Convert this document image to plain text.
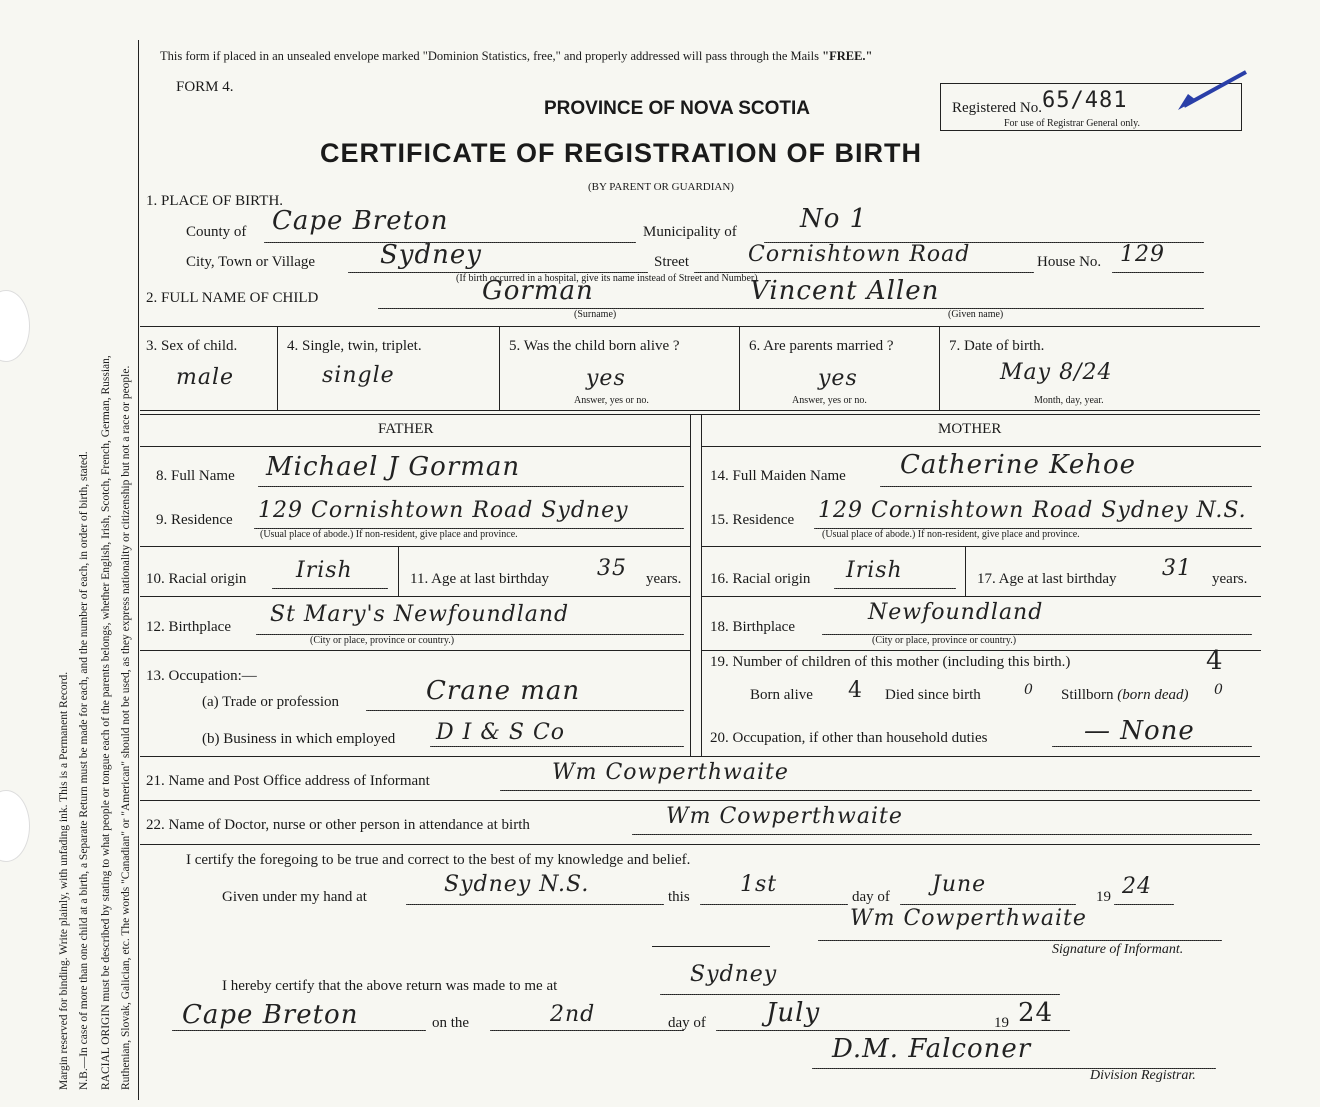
Margin reserved for binding. Write plainly, with unfading ink. This is a Permanent Record. N.B.—In case of more than one child at a birth, a Separate Return must be made for each, and the number of each, in order of birth, stated. RACIAL ORIGIN must be described by stating to what people or tongue each of the parents belongs, whether English, Irish, Scotch, French, German, Russian, Ruthenian, Slovak, Galician, etc. The words "Canadian" or "American" should not be used, as they express nationality or citizenship but not a race or people.
This form if placed in an unsealed envelope marked "Dominion Statistics, free," and properly addressed will pass through the Mails "FREE."
FORM 4.
PROVINCE OF NOVA SCOTIA
CERTIFICATE OF REGISTRATION OF BIRTH
(BY PARENT OR GUARDIAN)
Registered No. 65/481
For use of Registrar General only.
1. PLACE OF BIRTH.
County of Cape Breton	Municipality of No 1
City, Town or Village Sydney	Street	Cornishtown Road	House No. 129
(If birth occurred in a hospital, give its name instead of Street and Number)
2. FULL NAME OF CHILD	Gorman	Vincent Allen
(Surname)	(Given name)
3. Sex of child.
male
4. Single, twin, triplet.
single
5. Was the child born alive ?
yes
Answer, yes or no.
6. Are parents married ?
yes
Answer, yes or no.
7. Date of birth.
May 8/24
Month, day, year.
FATHER	MOTHER
8. Full Name Michael J Gorman
9. Residence 129 Cornishtown Road Sydney
(Usual place of abode.) If non-resident, give place and province.
10. Racial origin Irish	11. Age at last birthday 35 years.
12. Birthplace St Mary's Newfoundland
(City or place, province or country.)
13. Occupation:—
(a) Trade or profession	Crane man
(b) Business in which employed D I & S Co
14. Full Maiden Name Catherine Kehoe
15. Residence 129 Cornishtown Road Sydney N.S.
(Usual place of abode.) If non-resident, give place and province.
16. Racial origin Irish	17. Age at last birthday 31 years.
18. Birthplace
Newfoundland
(City or place, province or country.)
19. Number of children of this mother (including this birth.)	4
Born alive 4 Died since birth	0 Stillborn (born dead) 0
20. Occupation, if other than household duties	— None
21. Name and Post Office address of Informant	Wm Cowperthwaite
22. Name of Doctor, nurse or other person in attendance at birth	Wm Cowperthwaite
I certify the foregoing to be true and correct to the best of my knowledge and belief.
Given under my hand at	Sydney N.S.	this 1st	day of June	19 24
Wm Cowperthwaite
Signature of Informant.
I hereby certify that the above return was made to me at	Sydney
Cape Breton	on the	2nd	day of July	19 24
D.M. Falconer
Division Registrar.
